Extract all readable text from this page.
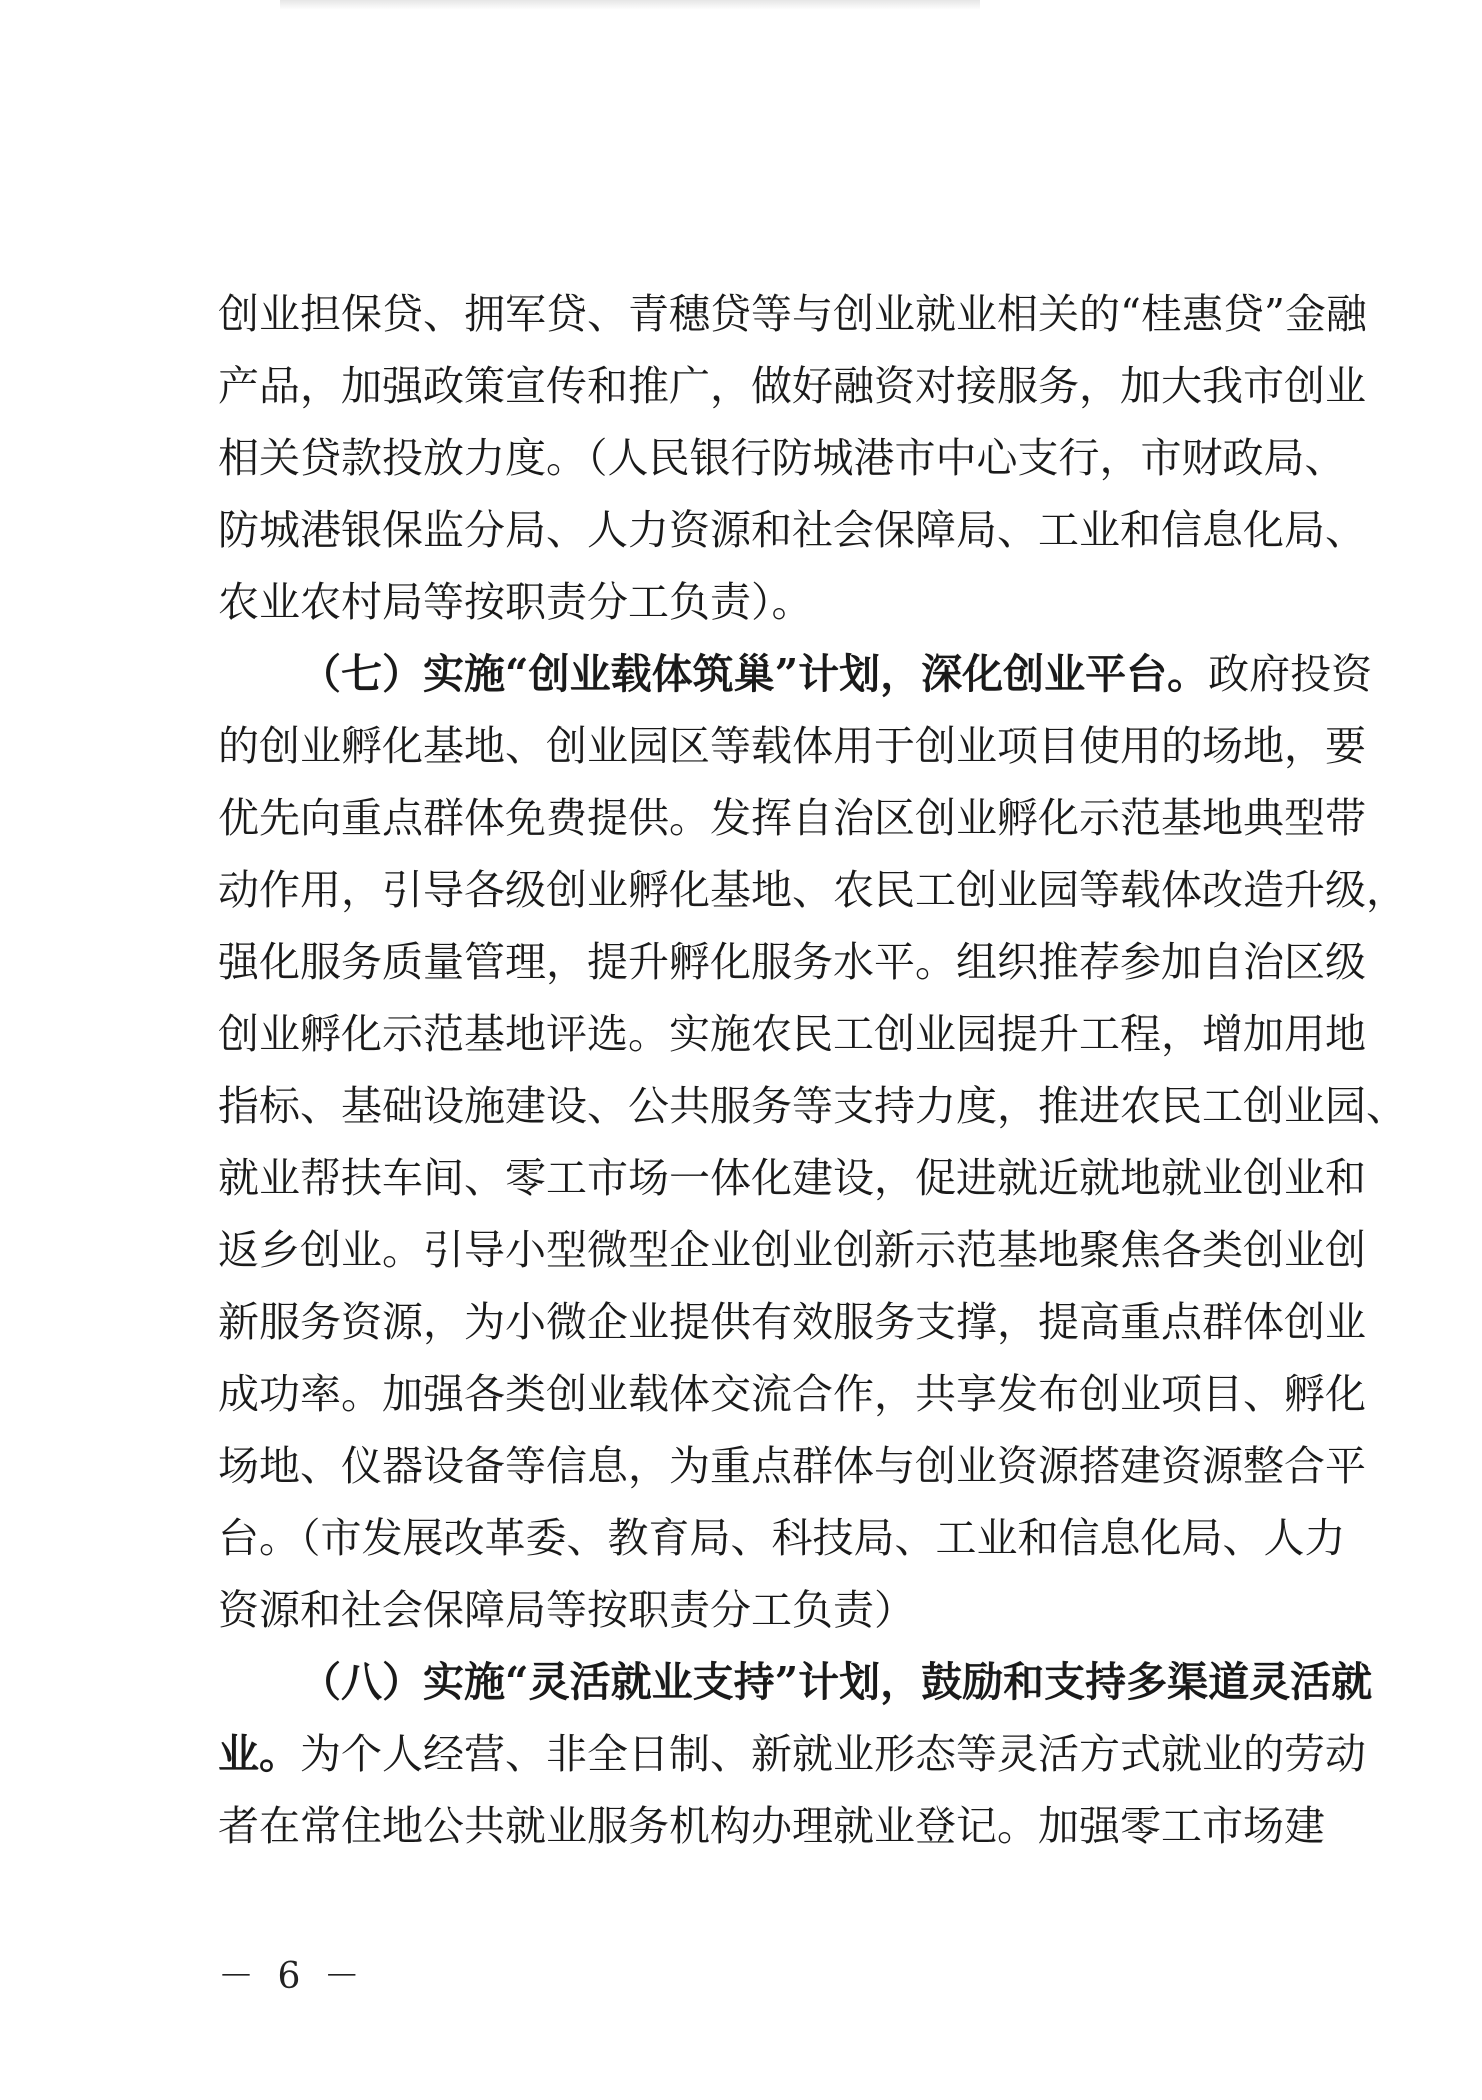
创业担保贷、拥军贷、青穗贷等与创业就业相关的“桂惠贷”金融
产品，加强政策宣传和推广，做好融资对接服务，加大我市创业
相关贷款投放力度。（人民银行防城港市中心支行，市财政局、
防城港银保监分局、人力资源和社会保障局、工业和信息化局、
农业农村局等按职责分工负责）。
（七）实施“创业载体筑巢”计划，深化创业平台。政府投资
的创业孵化基地、创业园区等载体用于创业项目使用的场地，要
优先向重点群体免费提供。发挥自治区创业孵化示范基地典型带
动作用，引导各级创业孵化基地、农民工创业园等载体改造升级，
强化服务质量管理，提升孵化服务水平。组织推荐参加自治区级
创业孵化示范基地评选。实施农民工创业园提升工程，增加用地
指标、基础设施建设、公共服务等支持力度，推进农民工创业园、
就业帮扶车间、零工市场一体化建设，促进就近就地就业创业和
返乡创业。引导小型微型企业创业创新示范基地聚焦各类创业创
新服务资源，为小微企业提供有效服务支撑，提高重点群体创业
成功率。加强各类创业载体交流合作，共享发布创业项目、孵化
场地、仪器设备等信息，为重点群体与创业资源搭建资源整合平
台。（市发展改革委、教育局、科技局、工业和信息化局、人力
资源和社会保障局等按职责分工负责）
（八）实施“灵活就业支持”计划，鼓励和支持多渠道灵活就
业。为个人经营、非全日制、新就业形态等灵活方式就业的劳动
者在常住地公共就业服务机构办理就业登记。加强零工市场建
－ 6 －
